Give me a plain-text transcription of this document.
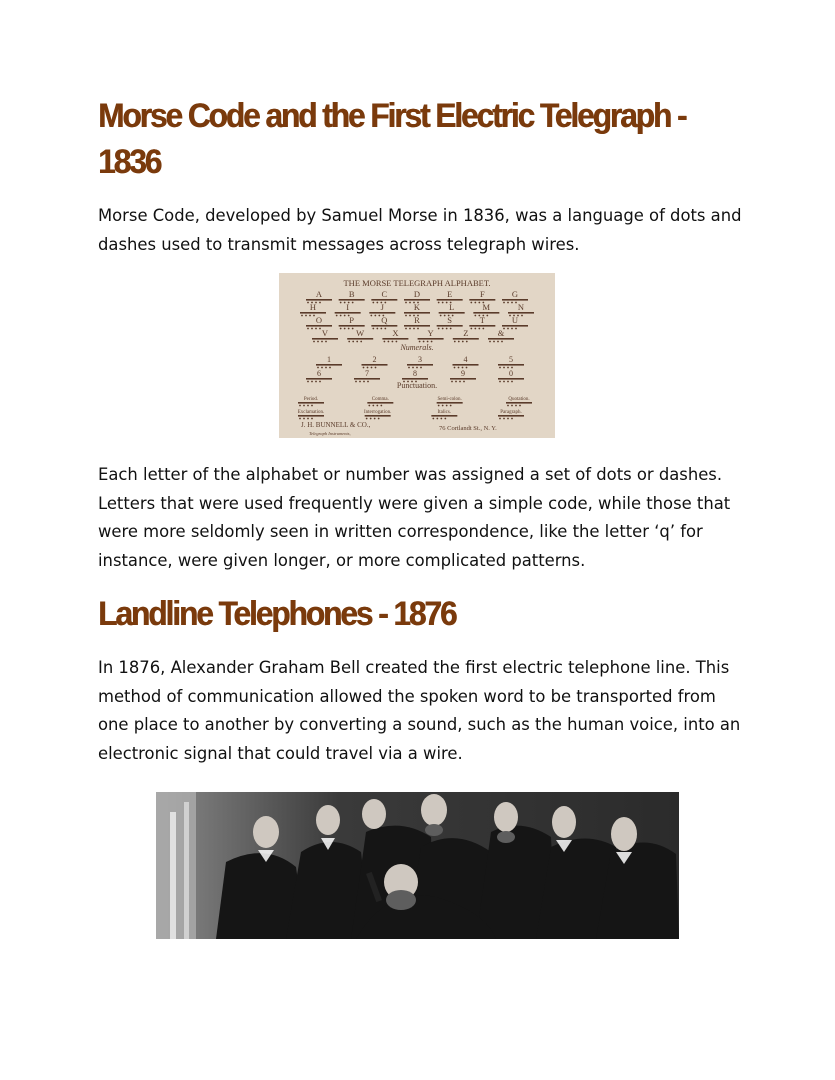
Morse Code and the First Electric Telegraph -
1836

Morse Code, developed by Samuel Morse in 1836, was a language of dots and dashes used to transmit messages across telegraph wires.

THE MORSE TELEGRAPH ALPHABET.
A	B	C	D	E	F	G
H	I	J	K	L	M	N
O	P	Q	R	S	T	U
V	W	X	Y	Z	&
1	2	3	4	5
6	7	8	9	0
Period.	Comma.	Semi-colon.	Quotation.
Exclamation.	Interrogation.	Italics.	Paragraph.
Numerals.
Punctuation.
J. H. BUNNELL & CO.,
Telegraph Instruments,
76 Cortlandt St., N. Y.

Each letter of the alphabet or number was assigned a set of dots or dashes. Letters that were used frequently were given a simple code, while those that were more seldomly seen in written correspondence, like the letter ‘q’ for instance, were given longer, or more complicated patterns.

Landline Telephones - 1876

In 1876, Alexander Graham Bell created the first electric telephone line. This method of communication allowed the spoken word to be transported from one place to another by converting a sound, such as the human voice, into an electronic signal that could travel via a wire.
